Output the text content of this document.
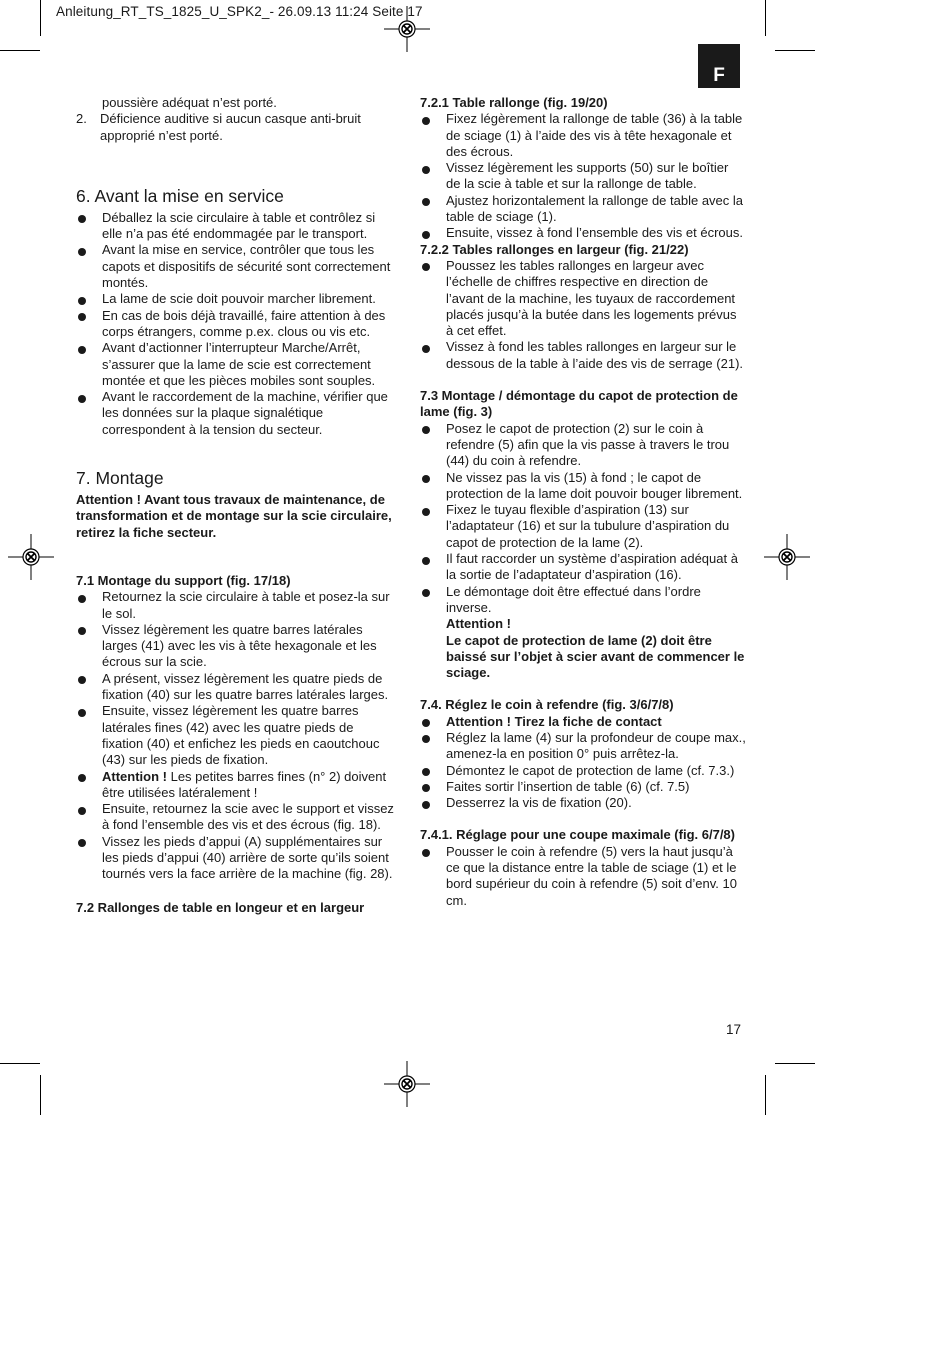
Anleitung_RT_TS_1825_U_SPK2_- 26.09.13 11:24 Seite 17
F

poussière adéquat n’est porté.

2.	Déficience auditive si aucun casque anti-bruit approprié n’est porté.
6. Avant la mise en service

Déballez la scie circulaire à table et contrôlez si elle n’a pas été endommagée par le transport.

Avant la mise en service, contrôler que tous les capots et dispositifs de sécurité sont correctement montés.

La lame de scie doit pouvoir marcher librement.

En cas de bois déjà travaillé, faire attention à des corps étrangers, comme p.ex. clous ou vis etc.

Avant d’actionner l’interrupteur Marche/Arrêt, s’assurer que la lame de scie est correctement montée et que les pièces mobiles sont souples.

Avant le raccordement de la machine, vérifier que les données sur la plaque signalétique correspondent à la tension du secteur.

7. Montage

Attention ! Avant tous travaux de maintenance, de transformation et de montage sur la scie circulaire, retirez la fiche secteur.

7.1 Montage du support (fig. 17/18)

Retournez la scie circulaire à table et posez-la sur le sol.

Vissez légèrement les quatre barres latérales larges (41) avec les vis à tête hexagonale et les écrous sur la scie.

A présent, vissez légèrement les quatre pieds de fixation (40) sur les quatre barres latérales larges.

Ensuite, vissez légèrement les quatre barres latérales fines (42) avec les quatre pieds de fixation (40) et enfichez les pieds en caoutchouc (43) sur les pieds de fixation.

Attention ! Les petites barres fines (n° 2) doivent être utilisées latéralement !

Ensuite, retournez la scie avec le support et vissez à fond l’ensemble des vis et des écrous (fig. 18).

Vissez les pieds d’appui (A) supplémentaires sur les pieds d’appui (40) arrière de sorte qu’ils soient tournés vers la face arrière de la machine (fig. 28).

7.2 Rallonges de table en longeur et en largeur

7.2.1 Table rallonge (fig. 19/20)

Fixez légèrement la rallonge de table (36) à la table de sciage (1) à l’aide des vis à tête hexagonale et des écrous.

Vissez légèrement les supports (50) sur le boîtier de la scie à table et sur la rallonge de table.

Ajustez horizontalement la rallonge de table avec la table de sciage (1).

Ensuite, vissez à fond l’ensemble des vis et écrous.

7.2.2 Tables rallonges en largeur (fig. 21/22)

Poussez les tables rallonges en largeur avec l’échelle de chiffres respective en direction de l’avant de la machine, les tuyaux de raccordement placés jusqu’à la butée dans les logements prévus à cet effet.

Vissez à fond les tables rallonges en largeur sur le dessous de la table à l’aide des vis de serrage (21).

7.3 Montage / démontage du capot de protection de lame (fig. 3)

Posez le capot de protection (2) sur le coin à refendre (5) afin que la vis passe à travers le trou (44) du coin à refendre.

Ne vissez pas la vis (15) à fond ; le capot de protection de la lame doit pouvoir bouger librement.

Fixez le tuyau flexible d’aspiration (13) sur l’adaptateur (16) et sur la tubulure d’aspiration du capot de protection de la lame (2).

Il faut raccorder un système d’aspiration adéquat à la sortie de l’adaptateur d’aspiration (16).

Le démontage doit être effectué dans l’ordre inverse.

Attention !

Le capot de protection de lame (2) doit être baissé sur l’objet à scier avant de commencer le sciage.

7.4. Réglez le coin à refendre (fig. 3/6/7/8)

Attention ! Tirez la fiche de contact

Réglez la lame (4) sur la profondeur de coupe max., amenez-la en position 0° puis arrêtez-la.

Démontez le capot de protection de lame (cf. 7.3.)

Faites sortir l’insertion de table (6) (cf. 7.5)

Desserrez la vis de fixation (20).

7.4.1. Réglage pour une coupe maximale (fig. 6/7/8)

Pousser le coin à refendre (5) vers la haut jusqu’à ce que la distance entre la table de sciage (1) et le bord supérieur du coin à refendre (5) soit d’env. 10 cm.

17
